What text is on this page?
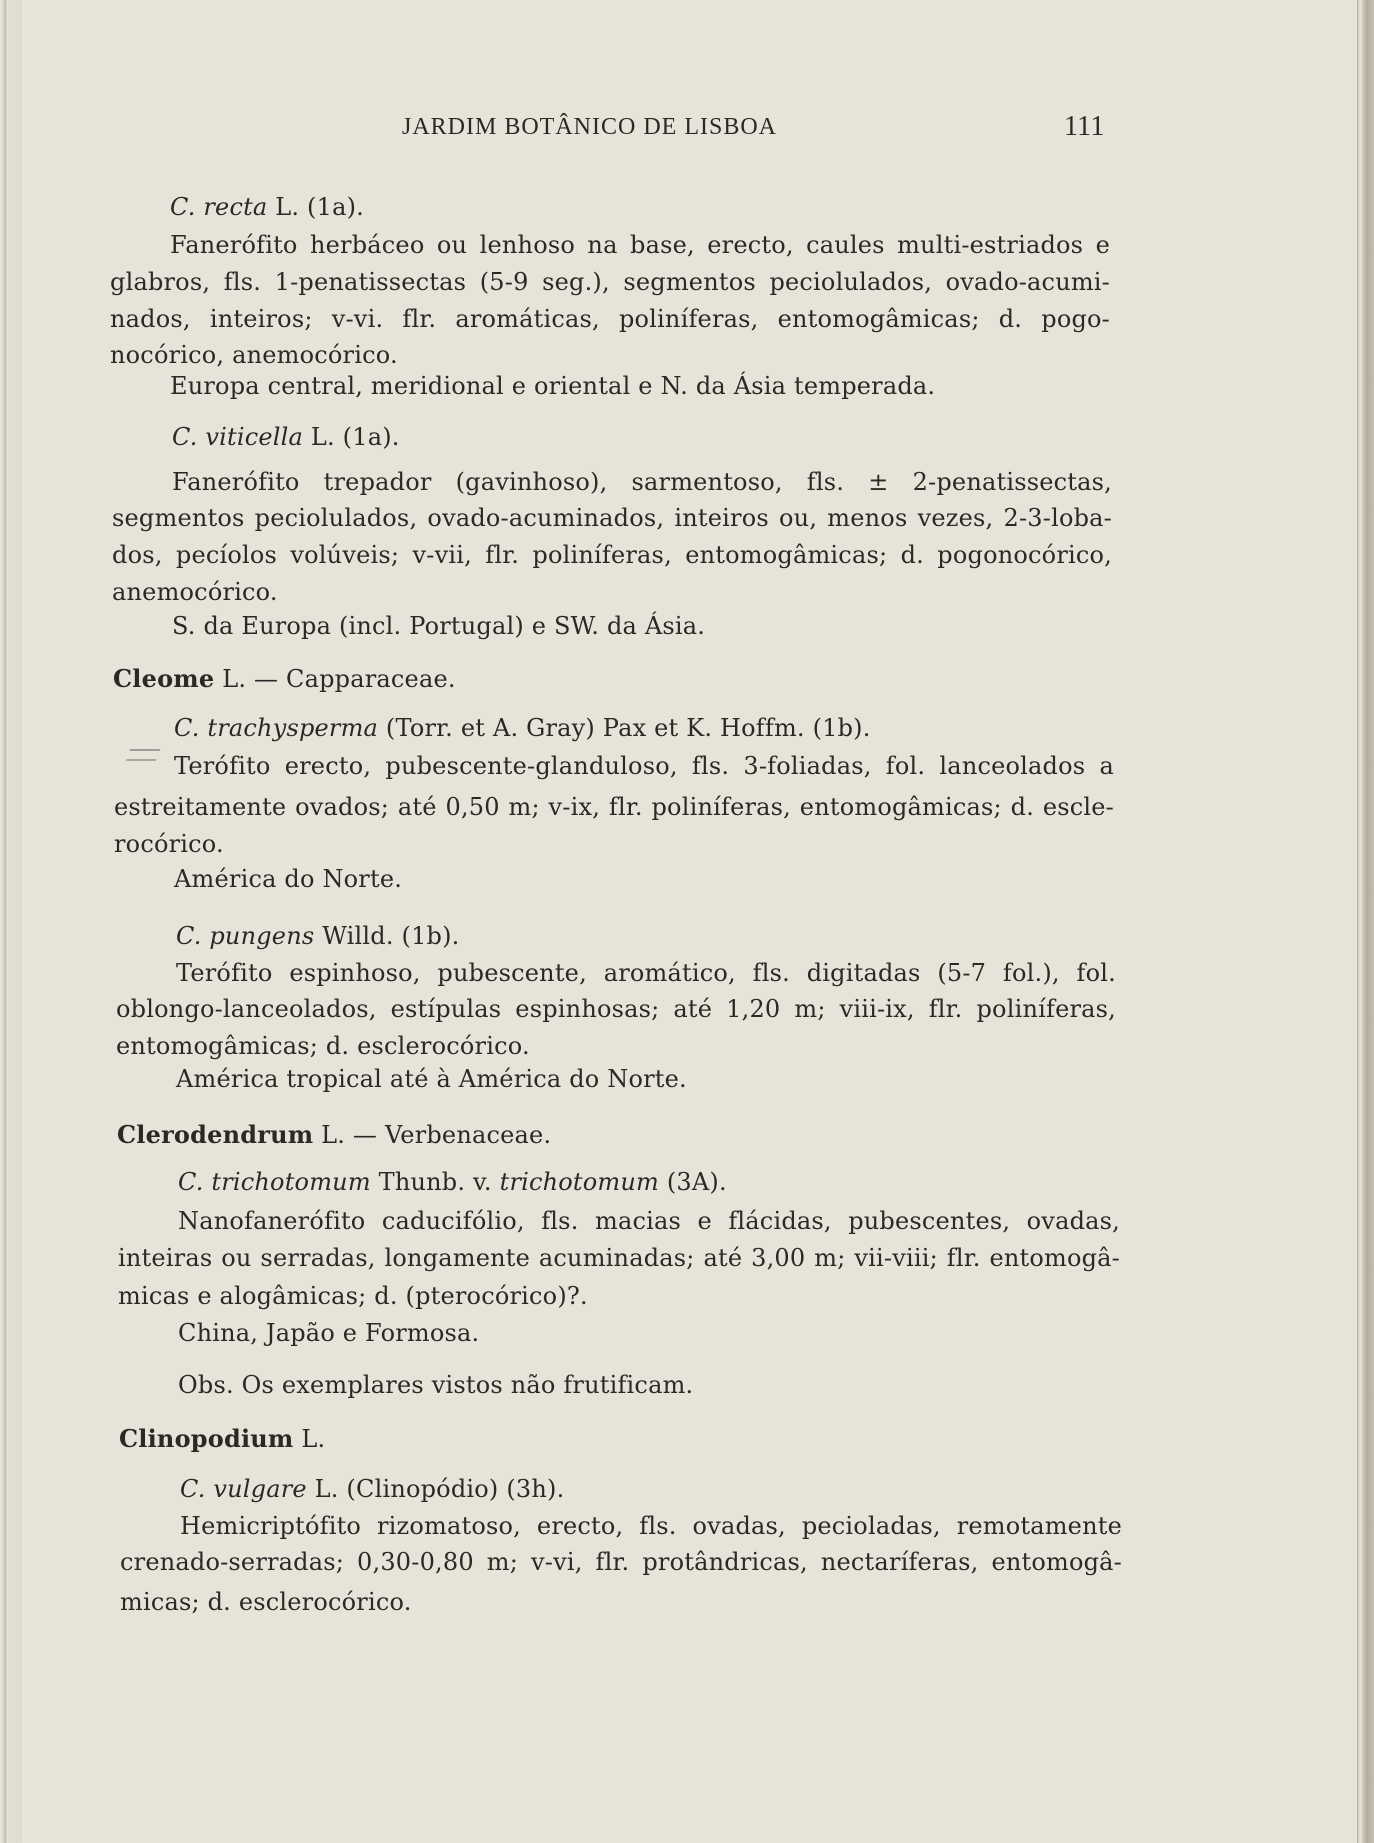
JARDIM BOTÂNICO DE LISBOA	111
C. recta L. (1a).
Fanerófito herbáceo ou lenhoso na base, erecto, caules multi-estriados e
glabros, fls. 1-penatissectas (5-9 seg.), segmentos peciolulados, ovado-acumi-
nados, inteiros; v-vi. flr. aromáticas, poliníferas, entomogâmicas; d. pogo-
nocórico, anemocórico.
Europa central, meridional e oriental e N. da Ásia temperada.
C. viticella L. (1a).
Fanerófito trepador (gavinhoso), sarmentoso, fls. ± 2-penatissectas,
segmentos peciolulados, ovado-acuminados, inteiros ou, menos vezes, 2-3-loba-
dos, pecíolos volúveis; v-vii, flr. poliníferas, entomogâmicas; d. pogonocórico,
anemocórico.
S. da Europa (incl. Portugal) e SW. da Ásia.
Cleome L. — Capparaceae.
C. trachysperma (Torr. et A. Gray) Pax et K. Hoffm. (1b).
Terófito erecto, pubescente-glanduloso, fls. 3-foliadas, fol. lanceolados a
estreitamente ovados; até 0,50 m; v-ix, flr. poliníferas, entomogâmicas; d. escle-
rocórico.
América do Norte.
C. pungens Willd. (1b).
Terófito espinhoso, pubescente, aromático, fls. digitadas (5-7 fol.), fol.
oblongo-lanceolados, estípulas espinhosas; até 1,20 m; viii-ix, flr. poliníferas,
entomogâmicas; d. esclerocórico.
América tropical até à América do Norte.
Clerodendrum L. — Verbenaceae.
C. trichotomum Thunb. v. trichotomum (3A).
Nanofanerófito caducifólio, fls. macias e flácidas, pubescentes, ovadas,
inteiras ou serradas, longamente acuminadas; até 3,00 m; vii-viii; flr. entomogâ-
micas e alogâmicas; d. (pterocórico)?.
China, Japão e Formosa.
Obs. Os exemplares vistos não frutificam.
Clinopodium L.
C. vulgare L. (Clinopódio) (3h).
Hemicriptófito rizomatoso, erecto, fls. ovadas, pecioladas, remotamente
crenado-serradas; 0,30-0,80 m; v-vi, flr. protândricas, nectaríferas, entomogâ-
micas; d. esclerocórico.
